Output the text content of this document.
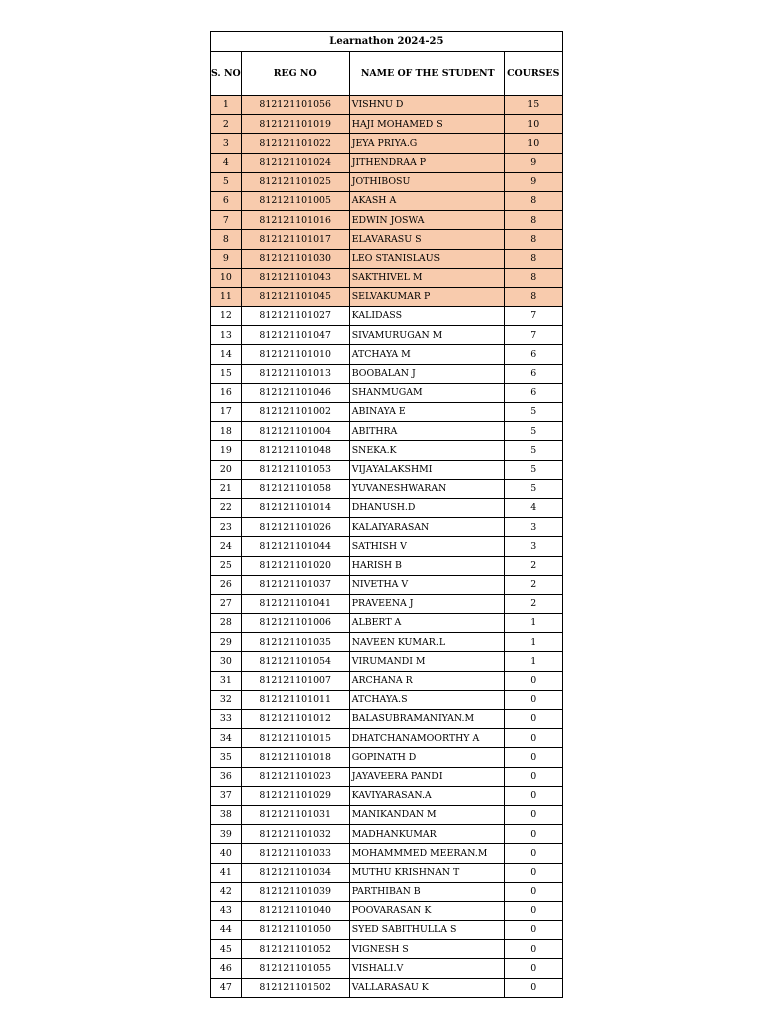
Learnathon 2024-25			
S. NO	REG NO	NAME OF THE STUDENT	COURSES
1	812121101056	VISHNU D	15
2	812121101019	HAJI MOHAMED S	10
3	812121101022	JEYA PRIYA.G	10
4	812121101024	JITHENDRAA P	9
5	812121101025	JOTHIBOSU	9
6	812121101005	AKASH A	8
7	812121101016	EDWIN JOSWA	8
8	812121101017	ELAVARASU S	8
9	812121101030	LEO STANISLAUS	8
10	812121101043	SAKTHIVEL M	8
11	812121101045	SELVAKUMAR P	8
12	812121101027	KALIDASS	7
13	812121101047	SIVAMURUGAN M	7
14	812121101010	ATCHAYA M	6
15	812121101013	BOOBALAN J	6
16	812121101046	SHANMUGAM	6
17	812121101002	ABINAYA E	5
18	812121101004	ABITHRA	5
19	812121101048	SNEKA.K	5
20	812121101053	VIJAYALAKSHMI	5
21	812121101058	YUVANESHWARAN	5
22	812121101014	DHANUSH.D	4
23	812121101026	KALAIYARASAN	3
24	812121101044	SATHISH V	3
25	812121101020	HARISH B	2
26	812121101037	NIVETHA V	2
27	812121101041	PRAVEENA J	2
28	812121101006	ALBERT A	1
29	812121101035	NAVEEN KUMAR.L	1
30	812121101054	VIRUMANDI M	1
31	812121101007	ARCHANA R	0
32	812121101011	ATCHAYA.S	0
33	812121101012	BALASUBRAMANIYAN.M	0
34	812121101015	DHATCHANAMOORTHY A	0
35	812121101018	GOPINATH D	0
36	812121101023	JAYAVEERA PANDI	0
37	812121101029	KAVIYARASAN.A	0
38	812121101031	MANIKANDAN M	0
39	812121101032	MADHANKUMAR	0
40	812121101033	MOHAMMMED MEERAN.M	0
41	812121101034	MUTHU KRISHNAN T	0
42	812121101039	PARTHIBAN B	0
43	812121101040	POOVARASAN K	0
44	812121101050	SYED SABITHULLA S	0
45	812121101052	VIGNESH S	0
46	812121101055	VISHALI.V	0
47	812121101502	VALLARASAU K	0
